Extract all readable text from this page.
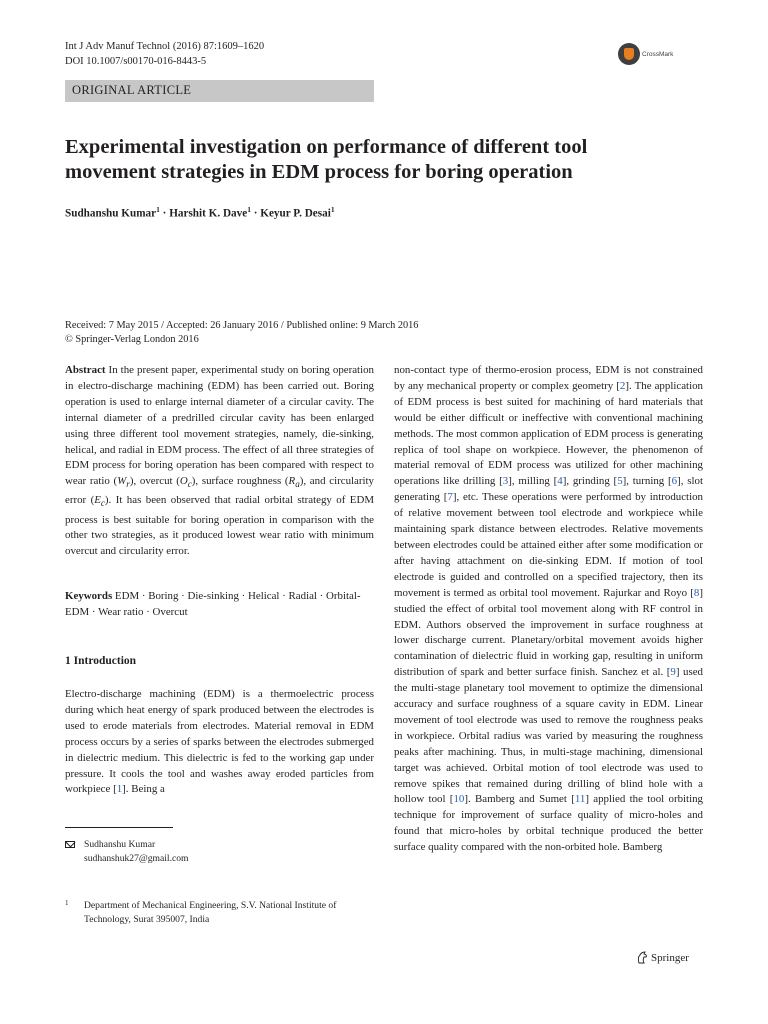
Int J Adv Manuf Technol (2016) 87:1609–1620
DOI 10.1007/s00170-016-8443-5
CrossMark
ORIGINAL ARTICLE
Experimental investigation on performance of different tool
movement strategies in EDM process for boring operation
Sudhanshu Kumar$^1$ · Harshit K. Dave$^1$ · Keyur P. Desai$^1$
Received: 7 May 2015 / Accepted: 26 January 2016 / Published online: 9 March 2016
© Springer-Verlag London 2016
Abstract In the present paper, experimental study on boring operation in electro-discharge machining (EDM) has been carried out. Boring operation is used to enlarge internal diameter of a circular cavity. The internal diameter of a predrilled circular cavity has been enlarged using three different tool movement strategies, namely, die-sinking, helical, and radial in EDM process. The effect of all three strategies of EDM process for boring operation has been compared with respect to wear ratio $(W_r)$, overcut $(O_c)$, surface roughness $(R_a)$, and circularity error $(E_c)$. It has been observed that radial orbital strategy of EDM process is best suitable for boring operation in comparison with the other two strategies, as it produced lowest wear ratio with minimum overcut and circularity error.
Keywords EDM · Boring · Die-sinking · Helical · Radial · Orbital-EDM · Wear ratio · Overcut
1 Introduction
Electro-discharge machining (EDM) is a thermoelectric process during which heat energy of spark produced between the electrodes is used to erode materials from electrodes. Material removal in EDM process occurs by a series of sparks between the electrodes submerged in dielectric medium. This dielectric is fed to the working gap under pressure. It cools the tool and washes away eroded particles from workpiece [1]. Being a
Sudhanshu Kumar
sudhanshuk27@gmail.com
1 Department of Mechanical Engineering, S.V. National Institute of
Technology, Surat 395007, India
non-contact type of thermo-erosion process, EDM is not constrained by any mechanical property or complex geometry [2]. The application of EDM process is best suited for machining of hard materials that would be either difficult or ineffective with conventional machining methods. The most common application of EDM process is generating replica of tool shape on workpiece. However, the phenomenon of material removal of EDM process was utilized for other machining operations like drilling [3], milling [4], grinding [5], turning [6], slot generating [7], etc. These operations were performed by introduction of relative movement between tool electrode and workpiece while maintaining spark distance between electrodes. Relative movements between electrodes could be attained either after some modification or after having attachment on die-sinking EDM. If motion of tool electrode is guided and controlled on a specified trajectory, then its movement is termed as orbital tool movement. Rajurkar and Royo [8] studied the effect of orbital tool movement along with RF control in EDM. Authors observed the improvement in surface roughness at lower discharge current. Planetary/orbital movement avoids higher contamination of dielectric fluid in working gap, resulting in uniform distribution of spark and better surface finish. Sanchez et al. [9] used the multi-stage planetary tool movement to optimize the dimensional accuracy and surface roughness of a square cavity in EDM. Linear movement of tool electrode was used to remove the roughness peaks in workpiece. Orbital radius was varied by measuring the roughness peaks after machining. Thus, in multi-stage machining, dimensional target was achieved. Orbital motion of tool electrode was used to remove spikes that remained during drilling of blind hole with a hollow tool [10]. Bamberg and Sumet [11] applied the tool orbiting technique for improvement of surface quality of micro-holes and found that micro-holes by orbital technique produced the better surface quality compared with the non-orbited hole. Bamberg
Springer
